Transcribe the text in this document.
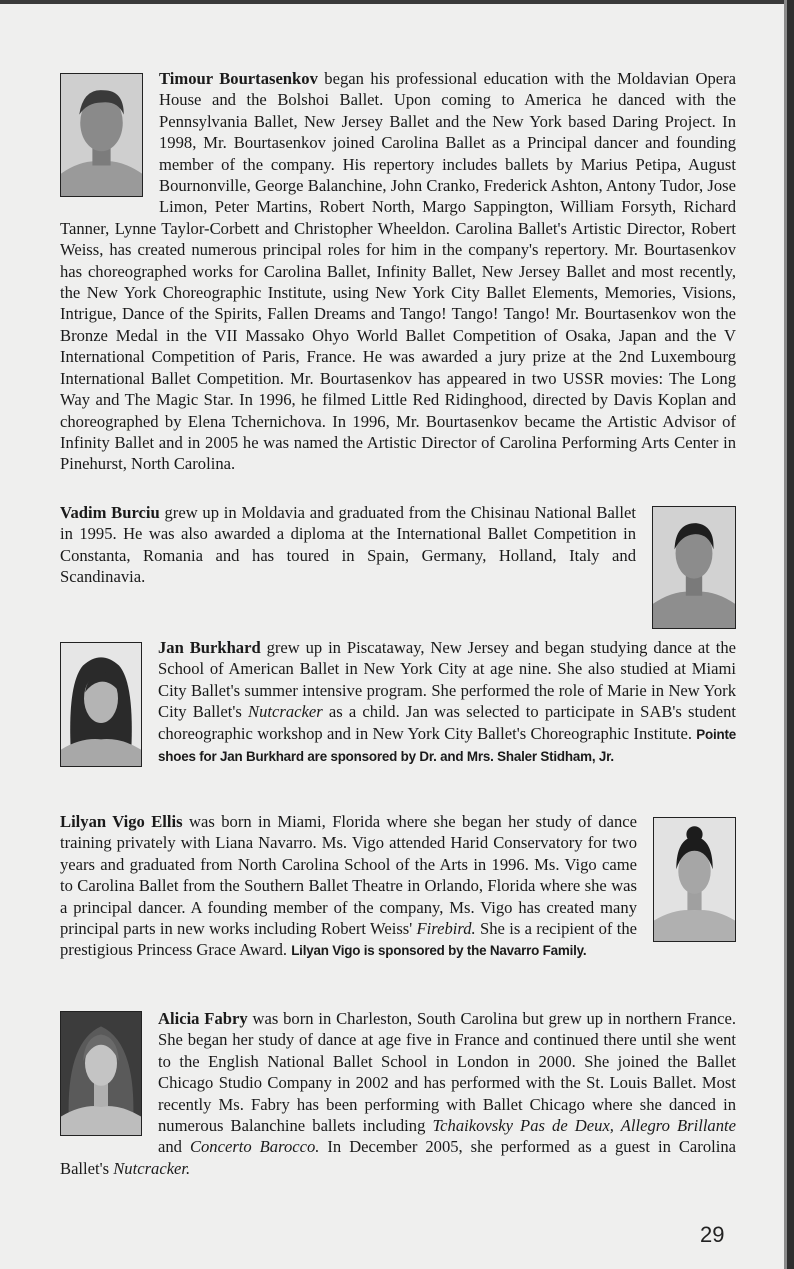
Timour Bourtasenkov began his professional education with the Moldavian Opera House and the Bolshoi Ballet. Upon coming to America he danced with the Pennsylvania Ballet, New Jersey Ballet and the New York based Daring Project. In 1998, Mr. Bourtasenkov joined Carolina Ballet as a Principal dancer and founding member of the company. His repertory includes ballets by Marius Petipa, August Bournonville, George Balanchine, John Cranko, Frederick Ashton, Antony Tudor, Jose Limon, Peter Martins, Robert North, Margo Sappington, William Forsyth, Richard Tanner, Lynne Taylor-Corbett and Christopher Wheeldon. Carolina Ballet's Artistic Director, Robert Weiss, has created numerous principal roles for him in the company's repertory. Mr. Bourtasenkov has choreographed works for Carolina Ballet, Infinity Ballet, New Jersey Ballet and most recently, the New York Choreographic Institute, using New York City Ballet Elements, Memories, Visions, Intrigue, Dance of the Spirits, Fallen Dreams and Tango! Tango! Tango! Mr. Bourtasenkov won the Bronze Medal in the VII Massako Ohyo World Ballet Competition of Osaka, Japan and the V International Competition of Paris, France. He was awarded a jury prize at the 2nd Luxembourg International Ballet Competition. Mr. Bourtasenkov has appeared in two USSR movies: The Long Way and The Magic Star. In 1996, he filmed Little Red Ridinghood, directed by Davis Koplan and choreographed by Elena Tchernichova. In 1996, Mr. Bourtasenkov became the Artistic Advisor of Infinity Ballet and in 2005 he was named the Artistic Director of Carolina Performing Arts Center in Pinehurst, North Carolina.
Vadim Burciu grew up in Moldavia and graduated from the Chisinau National Ballet in 1995. He was also awarded a diploma at the International Ballet Competition in Constanta, Romania and has toured in Spain, Germany, Holland, Italy and Scandinavia.
Jan Burkhard grew up in Piscataway, New Jersey and began studying dance at the School of American Ballet in New York City at age nine. She also studied at Miami City Ballet's summer intensive program. She performed the role of Marie in New York City Ballet's Nutcracker as a child. Jan was selected to participate in SAB's student choreographic workshop and in New York City Ballet's Choreographic Institute. Pointe shoes for Jan Burkhard are sponsored by Dr. and Mrs. Shaler Stidham, Jr.
Lilyan Vigo Ellis was born in Miami, Florida where she began her study of dance training privately with Liana Navarro. Ms. Vigo attended Harid Conservatory for two years and graduated from North Carolina School of the Arts in 1996. Ms. Vigo came to Carolina Ballet from the Southern Ballet Theatre in Orlando, Florida where she was a principal dancer. A founding member of the company, Ms. Vigo has created many principal parts in new works including Robert Weiss' Firebird. She is a recipient of the prestigious Princess Grace Award. Lilyan Vigo is sponsored by the Navarro Family.
Alicia Fabry was born in Charleston, South Carolina but grew up in northern France. She began her study of dance at age five in France and continued there until she went to the English National Ballet School in London in 2000. She joined the Ballet Chicago Studio Company in 2002 and has performed with the St. Louis Ballet. Most recently Ms. Fabry has been performing with Ballet Chicago where she danced in numerous Balanchine ballets including Tchaikovsky Pas de Deux, Allegro Brillante and Concerto Barocco. In December 2005, she performed as a guest in Carolina Ballet's Nutcracker.
29
